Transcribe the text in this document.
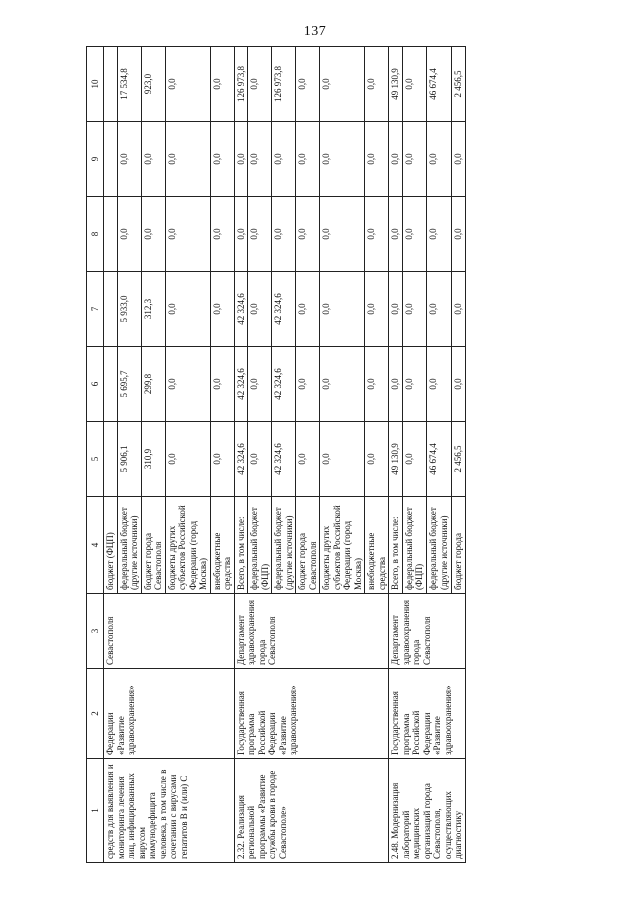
137
1	2	3	4	5	6	7	8	9	10
средств для выявления и мониторинга лечения лиц, инфицированных вирусом иммунодефицита человека, в том числе в сочетании с вирусами гепатитов В и (или) С	Федерации «Развитие здравоохранения»	Севастополя	бюджет (ФЦП)						
			федеральный бюджет (другие источники)	5 906,1	5 695,7	5 933,0	0,0	0,0	17 534,8
			бюджет города Севастополя	310,9	299,8	312,3	0,0	0,0	923,0
			бюджеты других субъектов Российской Федерации (город Москва)	0,0	0,0	0,0	0,0	0,0	0,0
			внебюджетные средства	0,0	0,0	0,0	0,0	0,0	0,0
2.32. Реализация региональной программы «Развитие службы крови в городе Севастополе»	Государственная программа Российской Федерации «Развитие здравоохранения»	Департамент здравоохранения города Севастополя	Всего, в том числе:	42 324,6	42 324,6	42 324,6	0,0	0,0	126 973,8
			федеральный бюджет (ФЦП)	0,0	0,0	0,0	0,0	0,0	0,0
			федеральный бюджет (другие источники)	42 324,6	42 324,6	42 324,6	0,0	0,0	126 973,8
			бюджет города Севастополя	0,0	0,0	0,0	0,0	0,0	0,0
			бюджеты других субъектов Российской Федерации (город Москва)	0,0	0,0	0,0	0,0	0,0	0,0
			внебюджетные средства	0,0	0,0	0,0	0,0	0,0	0,0
2.48. Модернизация лабораторий медицинских организаций города Севастополя, осуществляющих диагностику	Государственная программа Российской Федерации «Развитие здравоохранения»	Департамент здравоохранения города Севастополя	Всего, в том числе:	49 130,9	0,0	0,0	0,0	0,0	49 130,9
			федеральный бюджет (ФЦП)	0,0	0,0	0,0	0,0	0,0	0,0
			федеральный бюджет (другие источники)	46 674,4	0,0	0,0	0,0	0,0	46 674,4
			бюджет города	2 456,5	0,0	0,0	0,0	0,0	2 456,5
